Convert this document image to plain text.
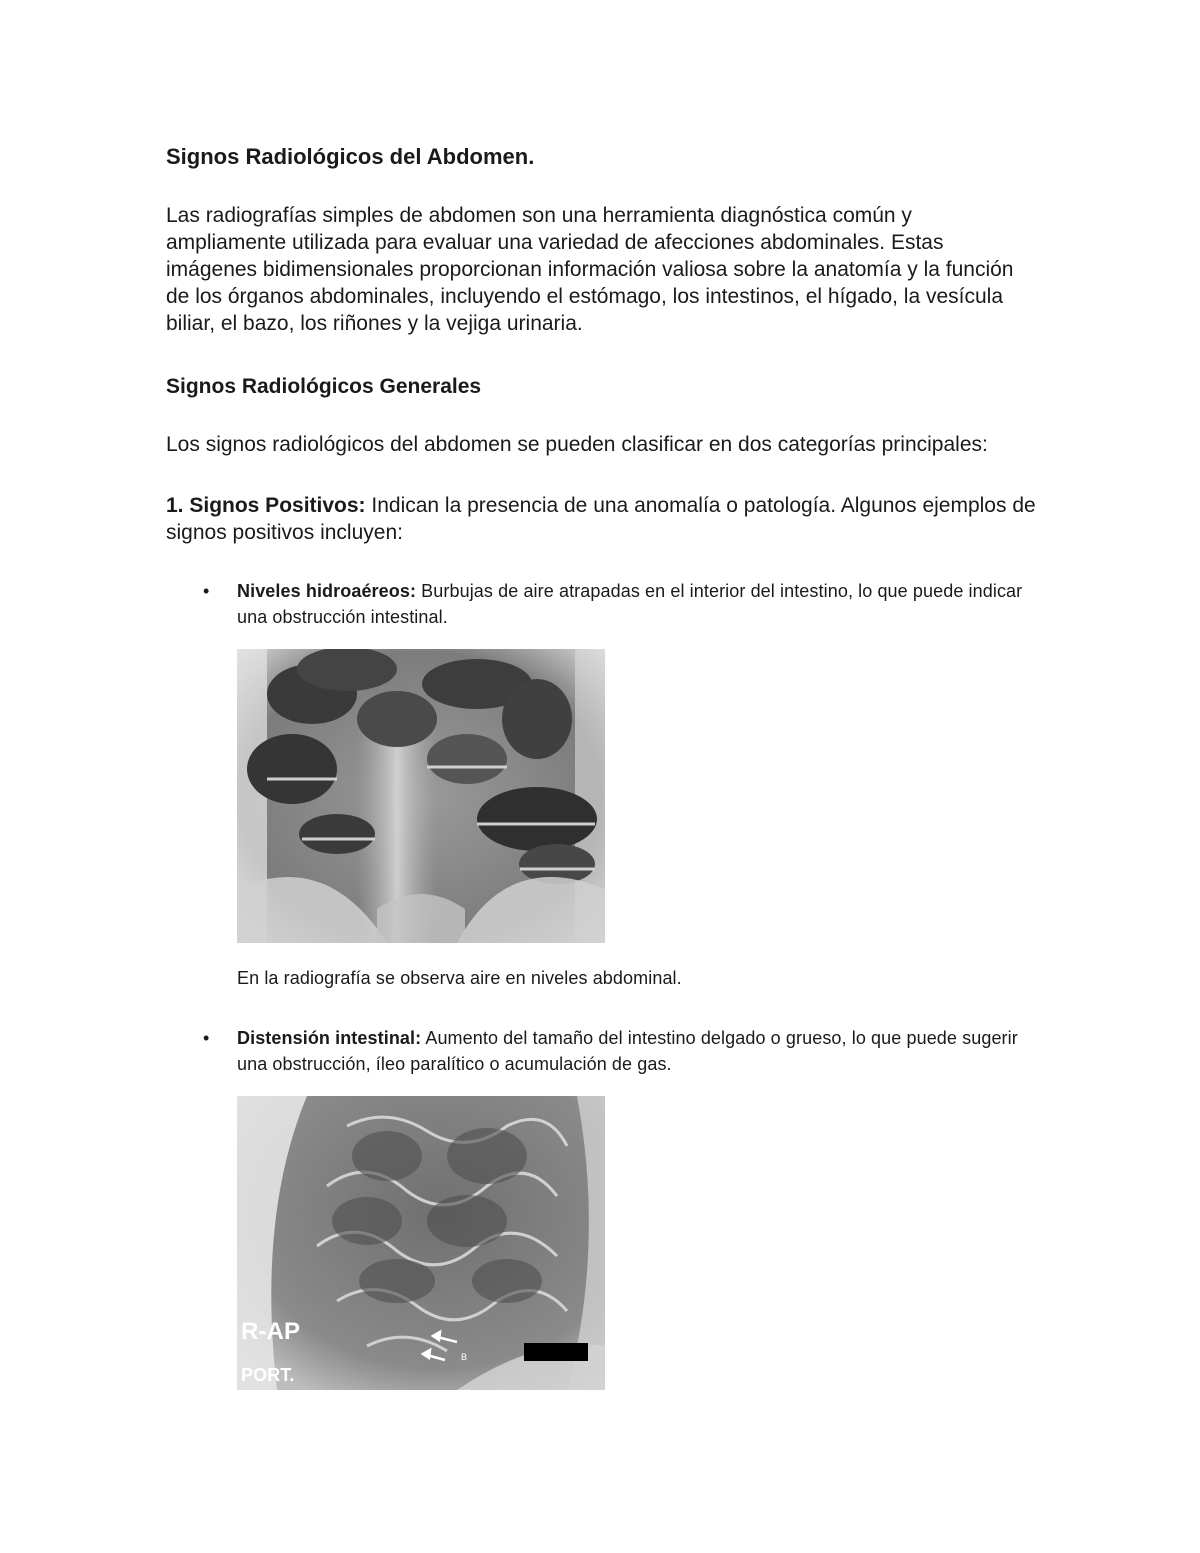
Signos Radiológicos del Abdomen.

Las radiografías simples de abdomen son una herramienta diagnóstica común y ampliamente utilizada para evaluar una variedad de afecciones abdominales. Estas imágenes bidimensionales proporcionan información valiosa sobre la anatomía y la función de los órganos abdominales, incluyendo el estómago, los intestinos, el hígado, la vesícula biliar, el bazo, los riñones y la vejiga urinaria.

Signos Radiológicos Generales

Los signos radiológicos del abdomen se pueden clasificar en dos categorías principales:

1. Signos Positivos: Indican la presencia de una anomalía o patología. Algunos ejemplos de signos positivos incluyen:

• Niveles hidroaéreos: Burbujas de aire atrapadas en el interior del intestino, lo que puede indicar una obstrucción intestinal.
En la radiografía se observa aire en niveles abdominal.
• Distensión intestinal: Aumento del tamaño del intestino delgado o grueso, lo que puede sugerir una obstrucción, íleo paralítico o acumulación de gas.
R-AP
PORT.
B
